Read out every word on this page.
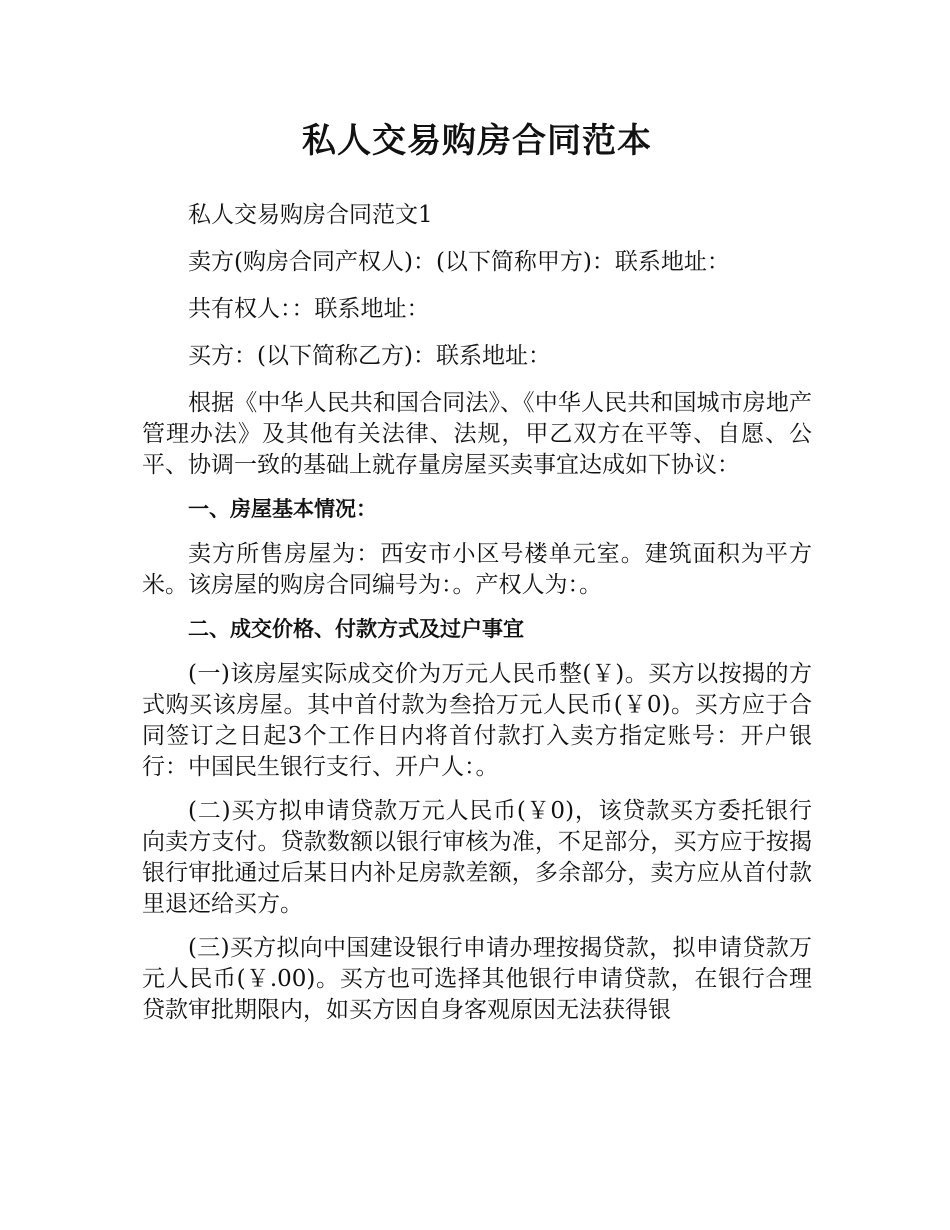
私人交易购房合同范本

私人交易购房合同范文1

卖方(购房合同产权人)：(以下简称甲方)：联系地址：

共有权人：：联系地址：

买方：(以下简称乙方)：联系地址：

根据《中华人民共和国合同法》、《中华人民共和国城市房地产管理办法》及其他有关法律、法规，甲乙双方在平等、自愿、公平、协调一致的基础上就存量房屋买卖事宜达成如下协议：

一、房屋基本情况：

卖方所售房屋为：西安市小区号楼单元室。建筑面积为平方米。该房屋的购房合同编号为：。产权人为：。

二、成交价格、付款方式及过户事宜

(一)该房屋实际成交价为万元人民币整(￥)。买方以按揭的方式购买该房屋。其中首付款为叁拾万元人民币(￥0)。买方应于合同签订之日起3个工作日内将首付款打入卖方指定账号：开户银行：中国民生银行支行、开户人：。

(二)买方拟申请贷款万元人民币(￥0)，该贷款买方委托银行向卖方支付。贷款数额以银行审核为准，不足部分，买方应于按揭银行审批通过后某日内补足房款差额，多余部分，卖方应从首付款里退还给买方。

(三)买方拟向中国建设银行申请办理按揭贷款，拟申请贷款万元人民币(￥.00)。买方也可选择其他银行申请贷款，在银行合理贷款审批期限内，如买方因自身客观原因无法获得银
